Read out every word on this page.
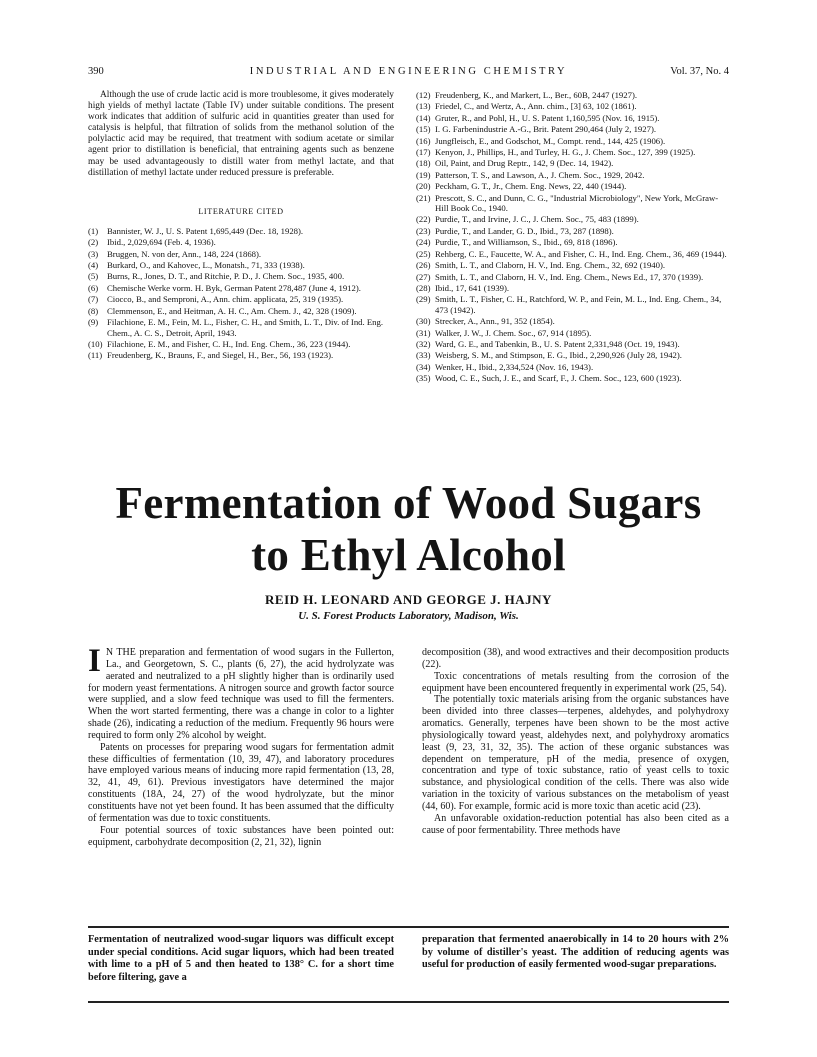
390	INDUSTRIAL AND ENGINEERING CHEMISTRY	Vol. 37, No. 4

Although the use of crude lactic acid is more troublesome, it gives moderately high yields of methyl lactate (Table IV) under suitable conditions. The present work indicates that addition of sulfuric acid in quantities greater than used for catalysis is helpful, that filtration of solids from the methanol solution of the polylactic acid may be required, that treatment with sodium acetate or similar agent prior to distillation is beneficial, that entraining agents such as benzene may be used advantageously to distill water from methyl lactate, and that distillation of methyl lactate under reduced pressure is preferable.

LITERATURE CITED
(1)	Bannister, W. J., U. S. Patent 1,695,449 (Dec. 18, 1928).
(2)	Ibid., 2,029,694 (Feb. 4, 1936).
(3)	Bruggen, N. von der, Ann., 148, 224 (1868).
(4)	Burkard, O., and Kahovec, L., Monatsh., 71, 333 (1938).
(5)	Burns, R., Jones, D. T., and Ritchie, P. D., J. Chem. Soc., 1935, 400.
(6)	Chemische Werke vorm. H. Byk, German Patent 278,487 (June 4, 1912).
(7)	Ciocco, B., and Semproni, A., Ann. chim. applicata, 25, 319 (1935).
(8)	Clemmenson, E., and Heitman, A. H. C., Am. Chem. J., 42, 328 (1909).
(9)	Filachione, E. M., Fein, M. L., Fisher, C. H., and Smith, L. T., Div. of Ind. Eng. Chem., A. C. S., Detroit, April, 1943.
(10) Filachione, E. M., and Fisher, C. H., Ind. Eng. Chem., 36, 223 (1944).
(11) Freudenberg, K., Brauns, F., and Siegel, H., Ber., 56, 193 (1923).
(12) Freudenberg, K., and Markert, L., Ber., 60B, 2447 (1927).
(13) Friedel, C., and Wertz, A., Ann. chim., [3] 63, 102 (1861).
(14) Gruter, R., and Pohl, H., U. S. Patent 1,160,595 (Nov. 16, 1915).
(15) I. G. Farbenindustrie A.-G., Brit. Patent 290,464 (July 2, 1927).
(16) Jungfleisch, E., and Godschot, M., Compt. rend., 144, 425 (1906).
(17) Kenyon, J., Phillips, H., and Turley, H. G., J. Chem. Soc., 127, 399 (1925).
(18) Oil, Paint, and Drug Reptr., 142, 9 (Dec. 14, 1942).
(19) Patterson, T. S., and Lawson, A., J. Chem. Soc., 1929, 2042.
(20) Peckham, G. T., Jr., Chem. Eng. News, 22, 440 (1944).
(21) Prescott, S. C., and Dunn, C. G., "Industrial Microbiology", New York, McGraw-Hill Book Co., 1940.
(22) Purdie, T., and Irvine, J. C., J. Chem. Soc., 75, 483 (1899).
(23) Purdie, T., and Lander, G. D., Ibid., 73, 287 (1898).
(24) Purdie, T., and Williamson, S., Ibid., 69, 818 (1896).
(25) Rehberg, C. E., Faucette, W. A., and Fisher, C. H., Ind. Eng. Chem., 36, 469 (1944).
(26) Smith, L. T., and Claborn, H. V., Ind. Eng. Chem., 32, 692 (1940).
(27) Smith, L. T., and Claborn, H. V., Ind. Eng. Chem., News Ed., 17, 370 (1939).
(28) Ibid., 17, 641 (1939).
(29) Smith, L. T., Fisher, C. H., Ratchford, W. P., and Fein, M. L., Ind. Eng. Chem., 34, 473 (1942).
(30) Strecker, A., Ann., 91, 352 (1854).
(31) Walker, J. W., J. Chem. Soc., 67, 914 (1895).
(32) Ward, G. E., and Tabenkin, B., U. S. Patent 2,331,948 (Oct. 19, 1943).
(33) Weisberg, S. M., and Stimpson, E. G., Ibid., 2,290,926 (July 28, 1942).
(34) Wenker, H., Ibid., 2,334,524 (Nov. 16, 1943).
(35) Wood, C. E., Such, J. E., and Scarf, F., J. Chem. Soc., 123, 600 (1923).
Fermentation of Wood Sugars
to Ethyl Alcohol
REID H. LEONARD AND GEORGE J. HAJNY
U. S. Forest Products Laboratory, Madison, Wis.

I N THE preparation and fermentation of wood sugars in the Fullerton, La., and Georgetown, S. C., plants (6, 27), the acid hydrolyzate was aerated and neutralized to a pH slightly higher than is ordinarily used for modern yeast fermentations. A nitrogen source and growth factor source were supplied, and a slow feed technique was used to fill the fermenters. When the wort started fermenting, there was a change in color to a lighter shade (26), indicating a reduction of the medium. Frequently 96 hours were required to form only 2% alcohol by weight.

Patents on processes for preparing wood sugars for fermentation admit these difficulties of fermentation (10, 39, 47), and laboratory procedures have employed various means of inducing more rapid fermentation (13, 28, 32, 41, 49, 61). Previous investigators have determined the major constituents (18A, 24, 27) of the wood hydrolyzate, but the minor constituents have not yet been found. It has been assumed that the difficulty of fermentation was due to toxic constituents.

Four potential sources of toxic substances have been pointed out: equipment, carbohydrate decomposition (2, 21, 32), lignin

decomposition (38), and wood extractives and their decomposition products (22).

Toxic concentrations of metals resulting from the corrosion of the equipment have been encountered frequently in experimental work (25, 54).

The potentially toxic materials arising from the organic substances have been divided into three classes—terpenes, aldehydes, and polyhydroxy aromatics. Generally, terpenes have been shown to be the most active physiologically toward yeast, aldehydes next, and polyhydroxy aromatics least (9, 23, 31, 32, 35). The action of these organic substances was dependent on temperature, pH of the media, presence of oxygen, concentration and type of toxic substance, ratio of yeast cells to toxic substance, and physiological condition of the cells. There was also wide variation in the toxicity of various substances on the metabolism of yeast (44, 60). For example, formic acid is more toxic than acetic acid (23).

An unfavorable oxidation-reduction potential has also been cited as a cause of poor fermentability. Three methods have

Fermentation of neutralized wood-sugar liquors was difficult except under special conditions. Acid sugar liquors, which had been treated with lime to a pH of 5 and then heated to 138° C. for a short time before filtering, gave a
preparation that fermented anaerobically in 14 to 20 hours with 2% by volume of distiller's yeast. The addition of reducing agents was useful for production of easily fermented wood-sugar preparations.
